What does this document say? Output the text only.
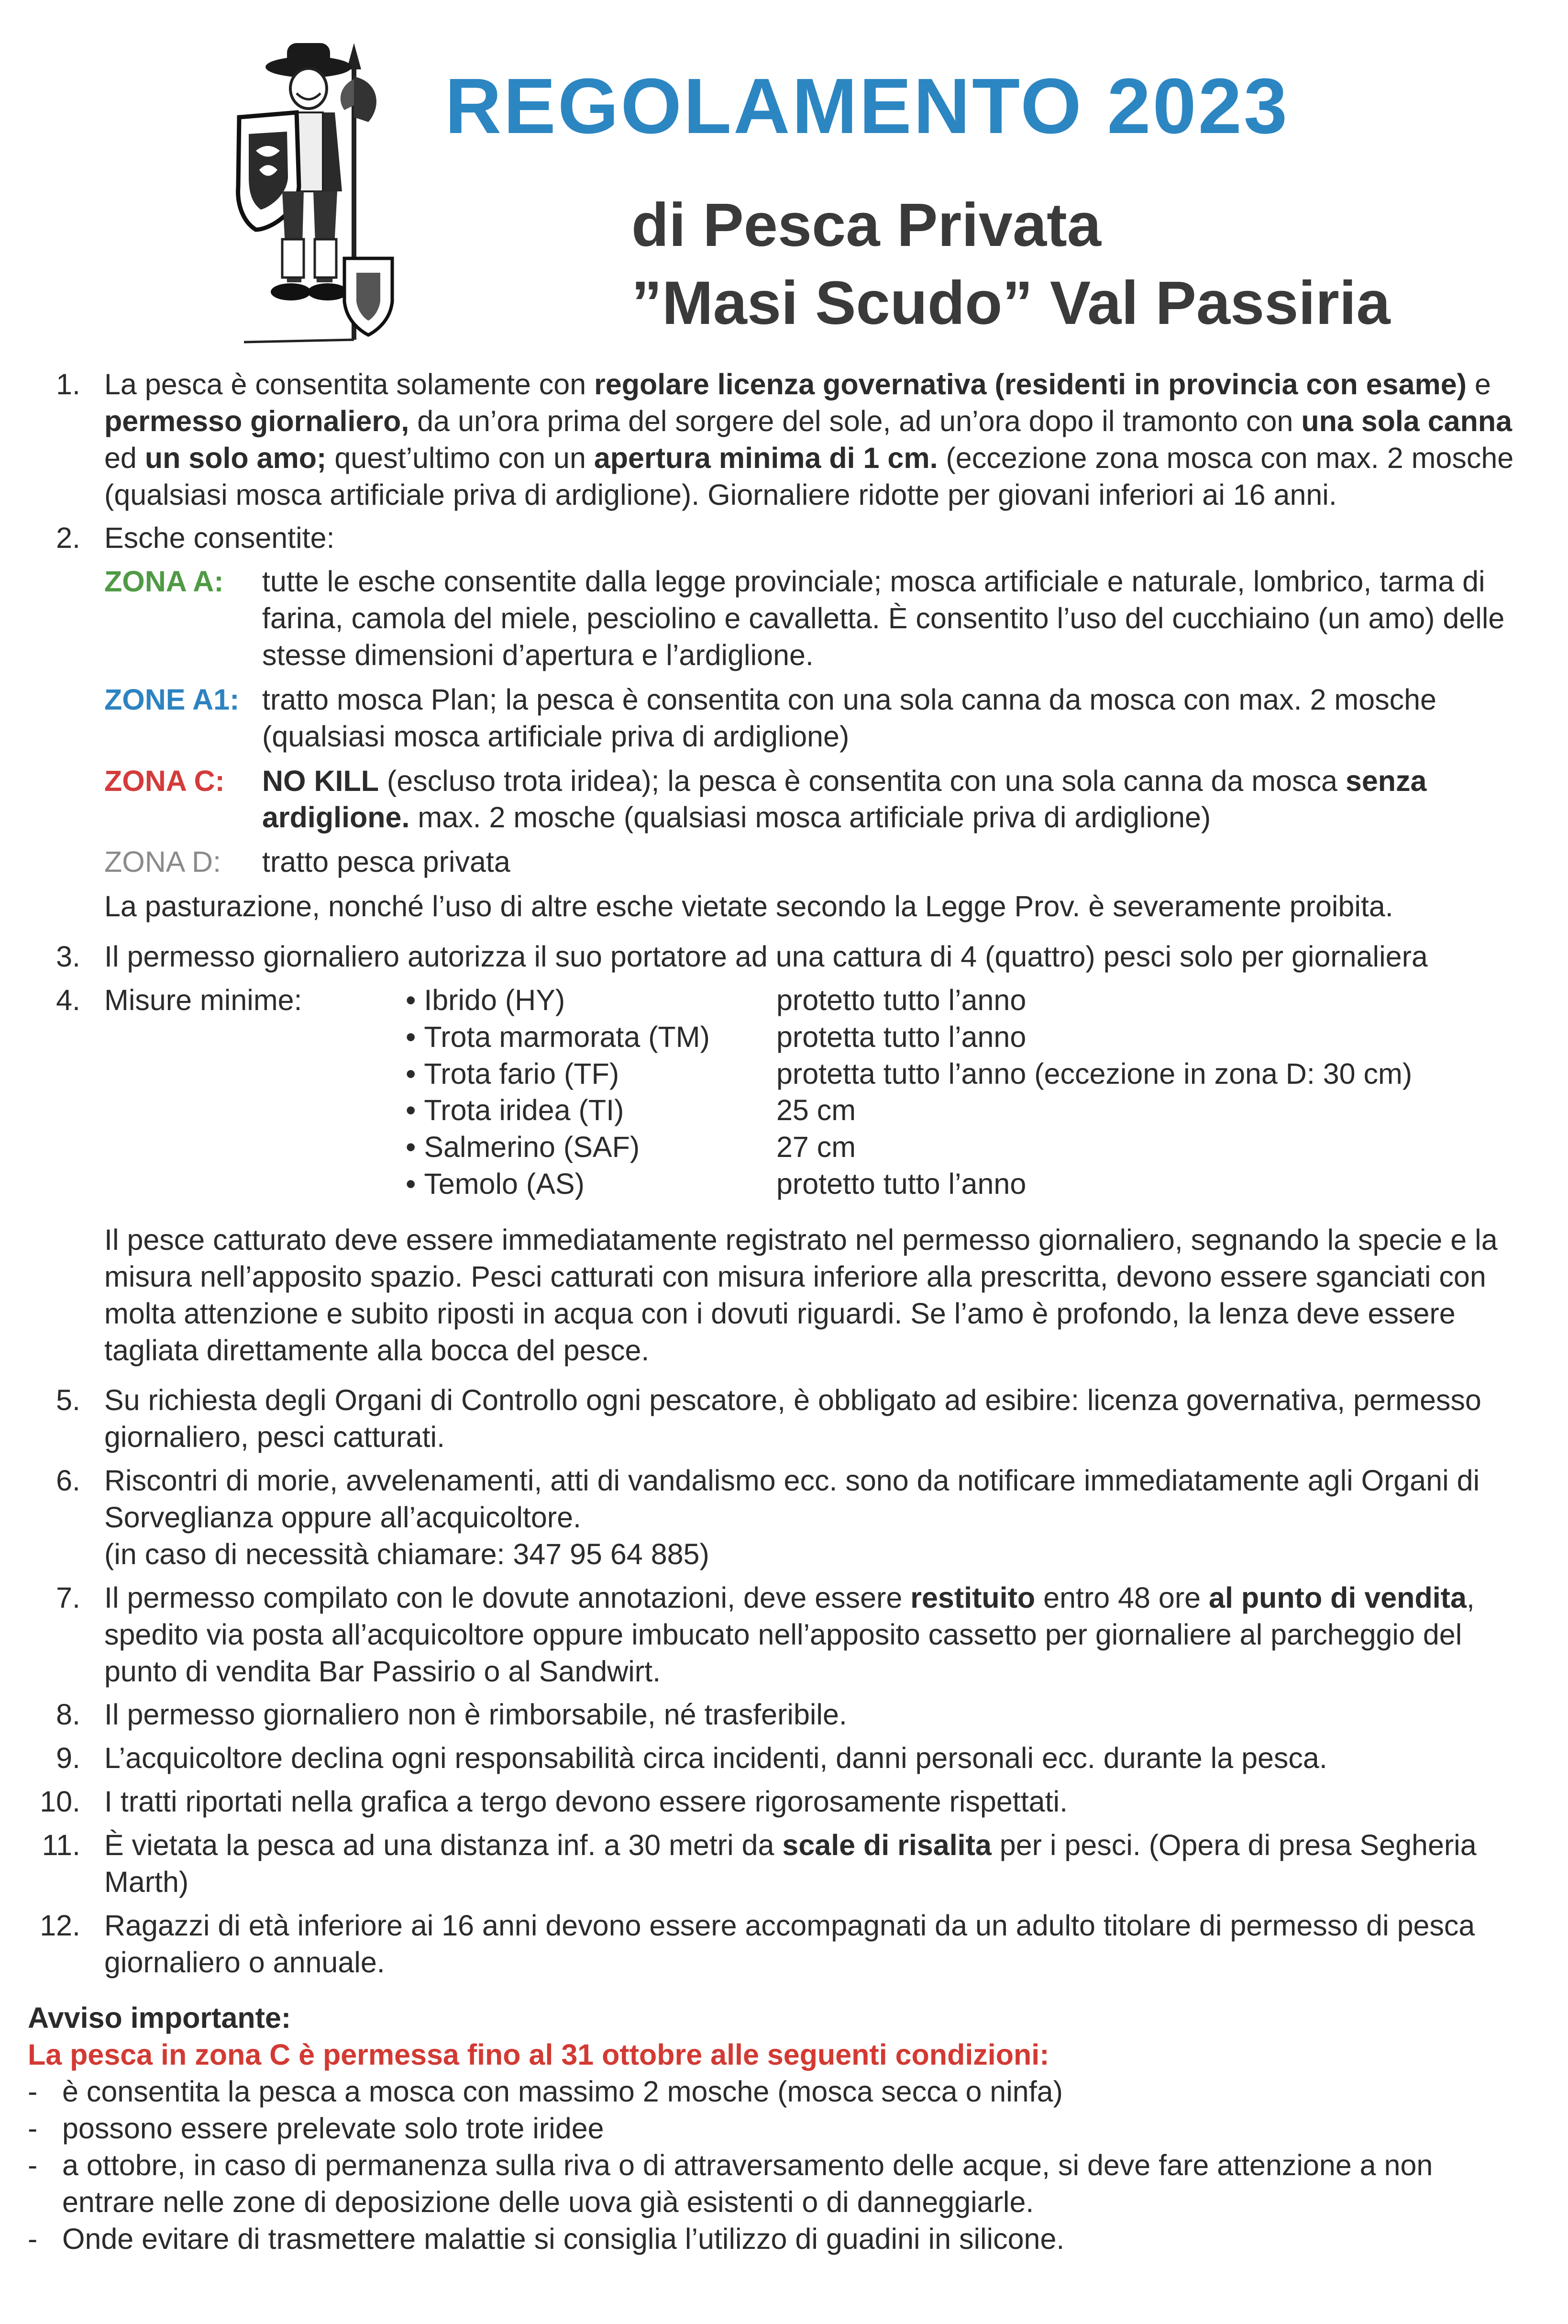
REGOLAMENTO 2023
di Pesca Privata
”Masi Scudo” Val Passiria
1. La pesca è consentita solamente con regolare licenza governativa (residenti in provincia con esame) e permesso giornaliero, da un’ora prima del sorgere del sole, ad un’ora dopo il tramonto con una sola canna ed un solo amo; quest’ultimo con un apertura minima di 1 cm. (eccezione zona mosca con max. 2 mosche (qualsiasi mosca artificiale priva di ardiglione). Giornaliere ridotte per giovani inferiori ai 16 anni.
2. Esche consentite:

ZONA A:	tutte le esche consentite dalla legge provinciale; mosca artificiale e naturale, lombrico, tarma di farina, camola del miele, pesciolino e cavalletta. È consentito l’uso del cucchiaino (un amo) delle stesse dimensioni d’apertura e l’ardiglione.
ZONE A1: tratto mosca Plan; la pesca è consentita con una sola canna da mosca con max. 2 mosche (qualsiasi mosca artificiale priva di ardiglione)
ZONA C:	NO KILL (escluso trota iridea); la pesca è consentita con una sola canna da mosca senza ardiglione. max. 2 mosche (qualsiasi mosca artificiale priva di ardiglione)
ZONA D:	tratto pesca privata

La pasturazione, nonché l’uso di altre esche vietate secondo la Legge Prov. è severamente proibita.

3. Il permesso giornaliero autorizza il suo portatore ad una cattura di 4 (quattro) pesci solo per giornaliera
4. Misure minime:
•	Ibrido (HY)	protetto tutto l’anno
• Trota marmorata (TM)	protetta tutto l’anno
• Trota fario (TF)	protetta tutto l’anno (eccezione in zona D: 30 cm)
• Trota iridea (TI)	25 cm
• Salmerino (SAF)	27 cm
• Temolo (AS)	protetto tutto l’anno

Il pesce catturato deve essere immediatamente registrato nel permesso giornaliero, segnando la specie e la misura nell’apposito spazio. Pesci catturati con misura inferiore alla prescritta, devono essere sganciati con molta attenzione e subito riposti in acqua con i dovuti riguardi. Se l’amo è profondo, la lenza deve essere tagliata direttamente alla bocca del pesce.

5. Su richiesta degli Organi di Controllo ogni pescatore, è obbligato ad esibire: licenza governativa, permesso giornaliero, pesci catturati.
6. Riscontri di morie, avvelenamenti, atti di vandalismo ecc. sono da notificare immediatamente agli Organi di Sorveglianza oppure all’acquicoltore.
(in caso di necessità chiamare: 347 95 64 885)
7. Il permesso compilato con le dovute annotazioni, deve essere restituito entro 48 ore al punto di vendita, spedito via posta all’acquicoltore oppure imbucato nell’apposito cassetto per giornaliere al parcheggio del punto di vendita Bar Passirio o al Sandwirt.
8. Il permesso giornaliero non è rimborsabile, né trasferibile.
9. L’acquicoltore declina ogni responsabilità circa incidenti, danni personali ecc. durante la pesca.
10. I tratti riportati nella grafica a tergo devono essere rigorosamente rispettati.
11. È vietata la pesca ad una distanza inf. a 30 metri da scale di risalita per i pesci. (Opera di presa Segheria Marth)
12. Ragazzi di età inferiore ai 16 anni devono essere accompagnati da un adulto titolare di permesso di pesca giornaliero o annuale.
Avviso importante:

La pesca in zona C è permessa fino al 31 ottobre alle seguenti condizioni:

- è consentita la pesca a mosca con massimo 2 mosche (mosca secca o ninfa)
- possono essere prelevate solo trote iridee
- a ottobre, in caso di permanenza sulla riva o di attraversamento delle acque, si deve fare attenzione a non entrare nelle zone di deposizione delle uova già esistenti o di danneggiarle.
- Onde evitare di trasmettere malattie si consiglia l’utilizzo di guadini in silicone.
